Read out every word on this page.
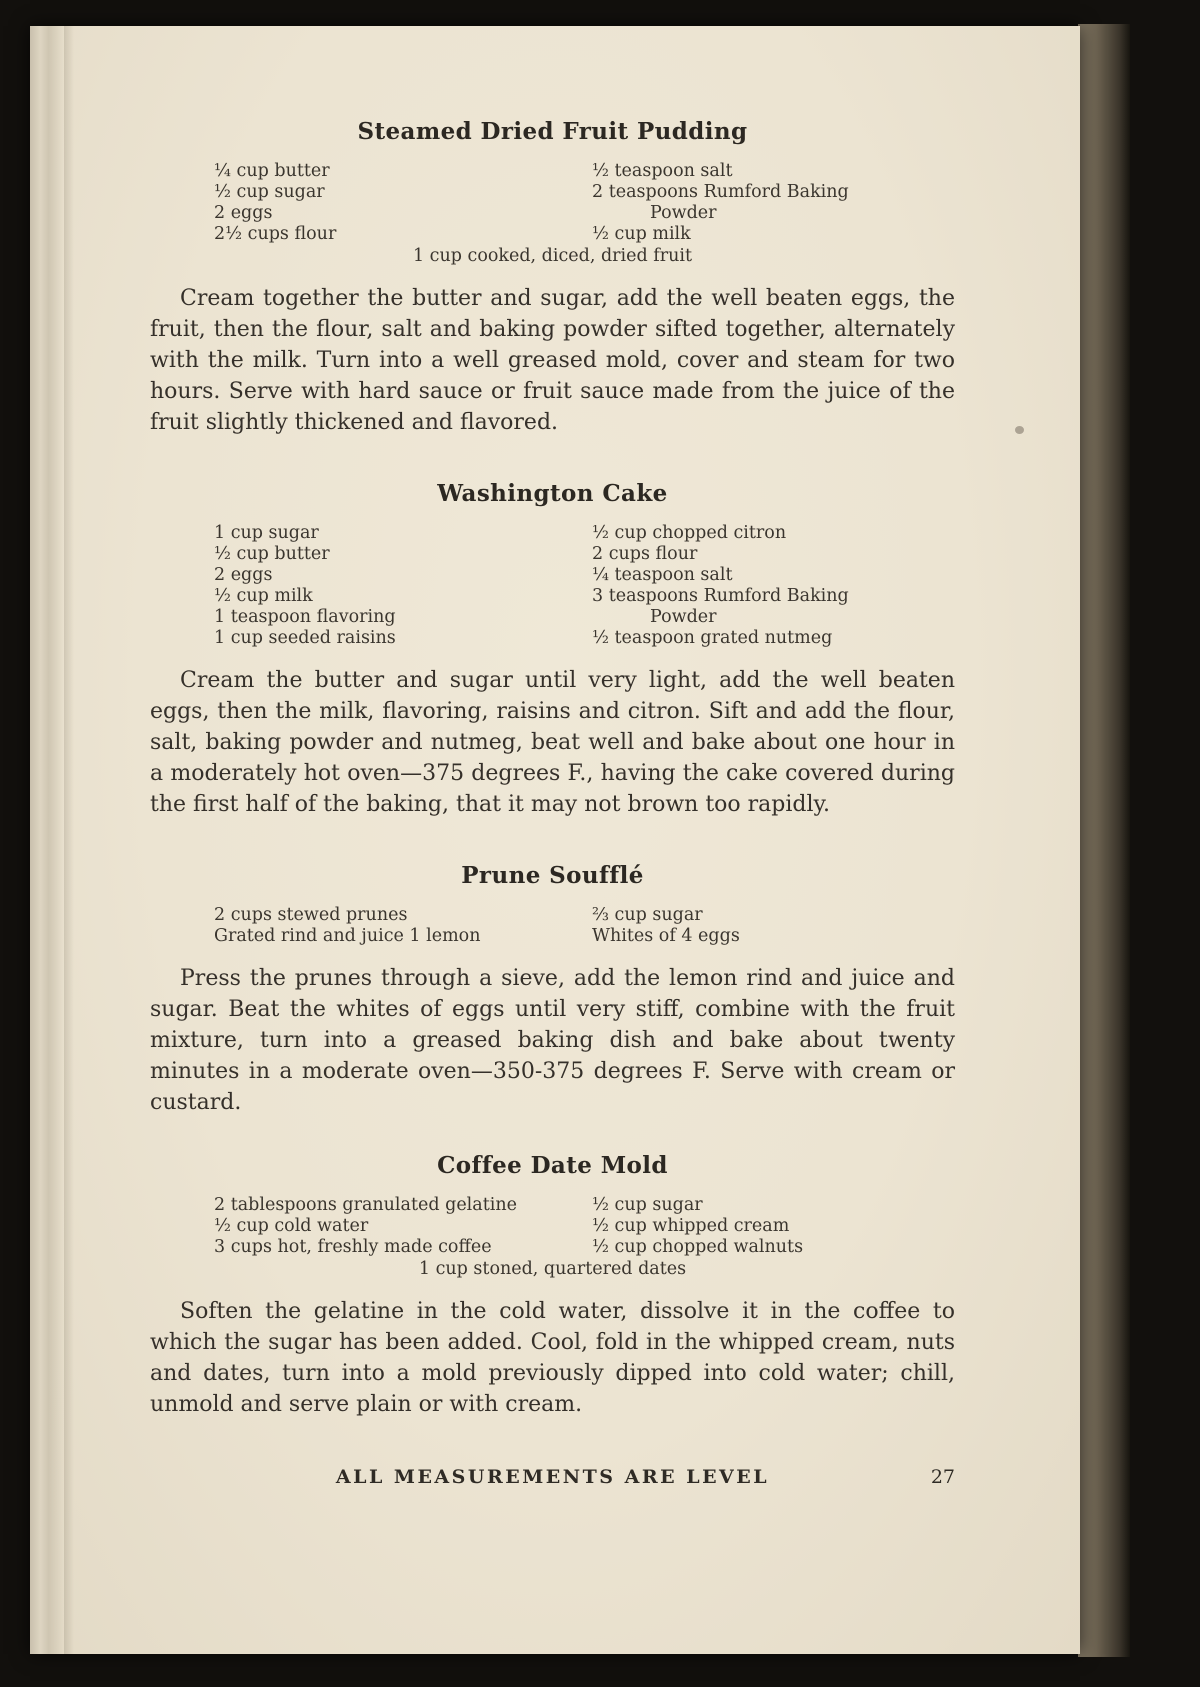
Steamed Dried Fruit Pudding
¼ cup butter
½ cup sugar
2 eggs
2½ cups flour
½ teaspoon salt
2 teaspoons Rumford Baking
Powder
½ cup milk
1 cup cooked, diced, dried fruit

Cream together the butter and sugar, add the well beaten eggs, the fruit, then the flour, salt and baking powder sifted together, alternately with the milk. Turn into a well greased mold, cover and steam for two hours. Serve with hard sauce or fruit sauce made from the juice of the fruit slightly thickened and flavored.

Washington Cake
1 cup sugar
½ cup butter
2 eggs
½ cup milk
1 teaspoon flavoring
1 cup seeded raisins
½ cup chopped citron
2 cups flour
¼ teaspoon salt
3 teaspoons Rumford Baking
Powder
½ teaspoon grated nutmeg

Cream the butter and sugar until very light, add the well beaten eggs, then the milk, flavoring, raisins and citron. Sift and add the flour, salt, baking powder and nutmeg, beat well and bake about one hour in a moderately hot oven—375 degrees F., having the cake covered during the first half of the baking, that it may not brown too rapidly.

Prune Soufflé
2 cups stewed prunes
Grated rind and juice 1 lemon
⅔ cup sugar
Whites of 4 eggs

Press the prunes through a sieve, add the lemon rind and juice and sugar. Beat the whites of eggs until very stiff, combine with the fruit mixture, turn into a greased baking dish and bake about twenty minutes in a moderate oven—350-375 degrees F. Serve with cream or custard.

Coffee Date Mold
2 tablespoons granulated gelatine
½ cup cold water
3 cups hot, freshly made coffee
½ cup sugar
½ cup whipped cream
½ cup chopped walnuts
1 cup stoned, quartered dates

Soften the gelatine in the cold water, dissolve it in the coffee to which the sugar has been added. Cool, fold in the whipped cream, nuts and dates, turn into a mold previously dipped into cold water; chill, unmold and serve plain or with cream.

ALL MEASUREMENTS ARE LEVEL	27
